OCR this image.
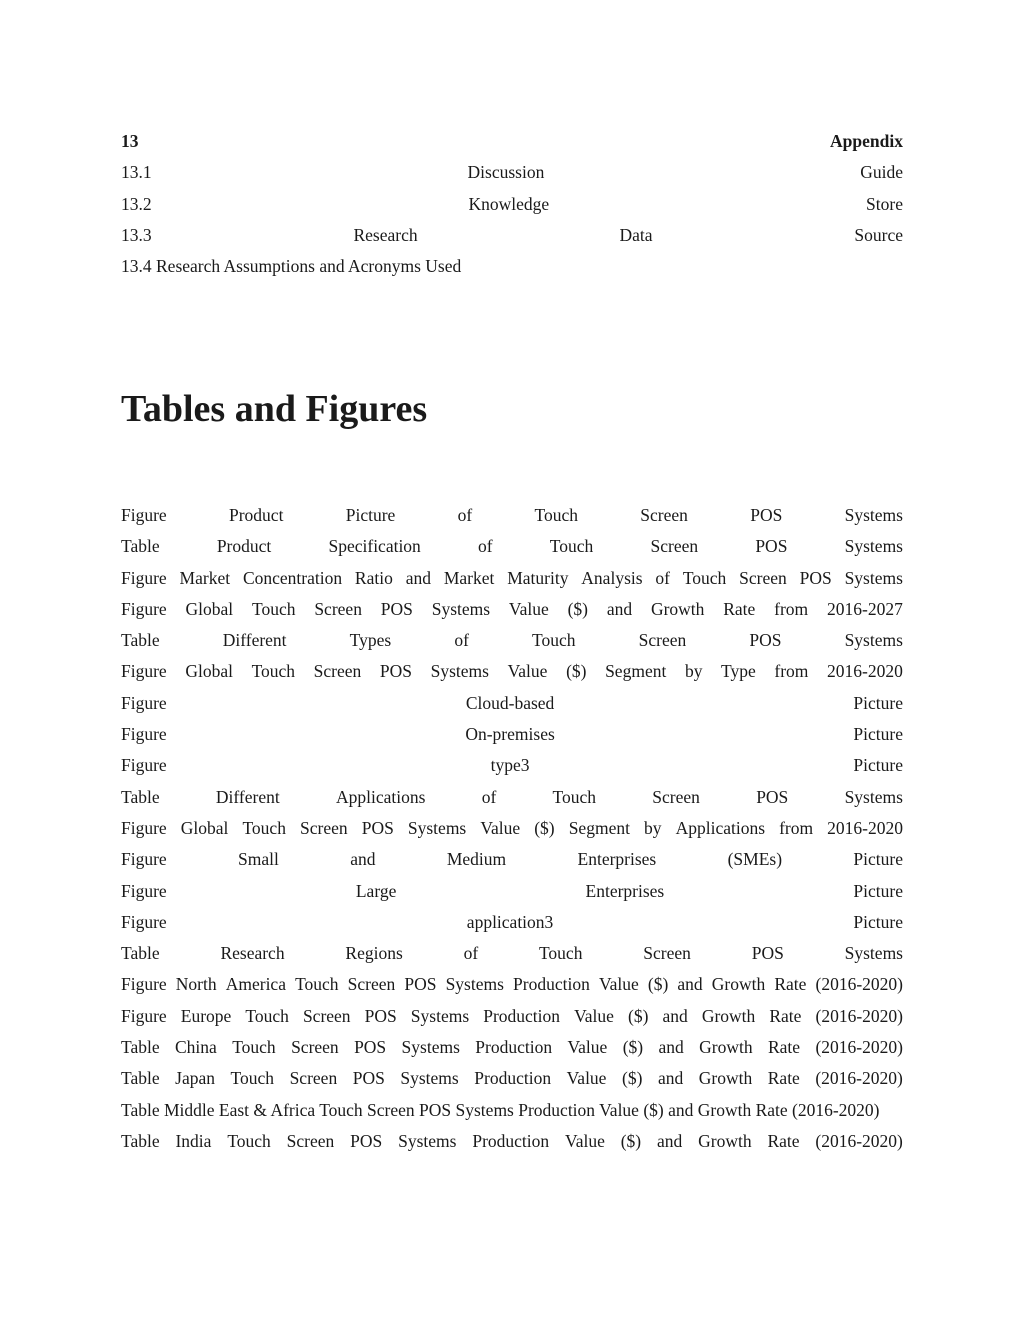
13	Appendix
13.1	Discussion	Guide
13.2	Knowledge	Store
13.3	Research	Data	Source
13.4 Research Assumptions and Acronyms Used
Tables and Figures
Figure	Product	Picture	of	Touch	Screen	POS	Systems
Table	Product	Specification	of	Touch	Screen	POS	Systems
Figure Market Concentration Ratio and Market Maturity Analysis of Touch Screen POS Systems
Figure Global Touch Screen POS Systems Value ($) and Growth Rate from 2016-2027
Table	Different	Types	of	Touch	Screen	POS	Systems
Figure Global Touch Screen POS Systems Value ($) Segment by Type from 2016-2020
Figure	Cloud-based	Picture
Figure	On-premises	Picture
Figure	type3	Picture
Table	Different	Applications	of	Touch	Screen	POS	Systems
Figure Global Touch Screen POS Systems Value ($) Segment by Applications from 2016-2020
Figure	Small	and	Medium	Enterprises	(SMEs)	Picture
Figure	Large	Enterprises	Picture
Figure	application3	Picture
Table	Research	Regions	of	Touch	Screen	POS	Systems
Figure North America Touch Screen POS Systems Production Value ($) and Growth Rate (2016-2020)
Figure Europe Touch Screen POS Systems Production Value ($) and Growth Rate (2016-2020)
Table China Touch Screen POS Systems Production Value ($) and Growth Rate (2016-2020)
Table Japan Touch Screen POS Systems Production Value ($) and Growth Rate (2016-2020)
Table Middle East & Africa Touch Screen POS Systems Production Value ($) and Growth Rate (2016-2020)
Table India Touch Screen POS Systems Production Value ($) and Growth Rate (2016-2020)
